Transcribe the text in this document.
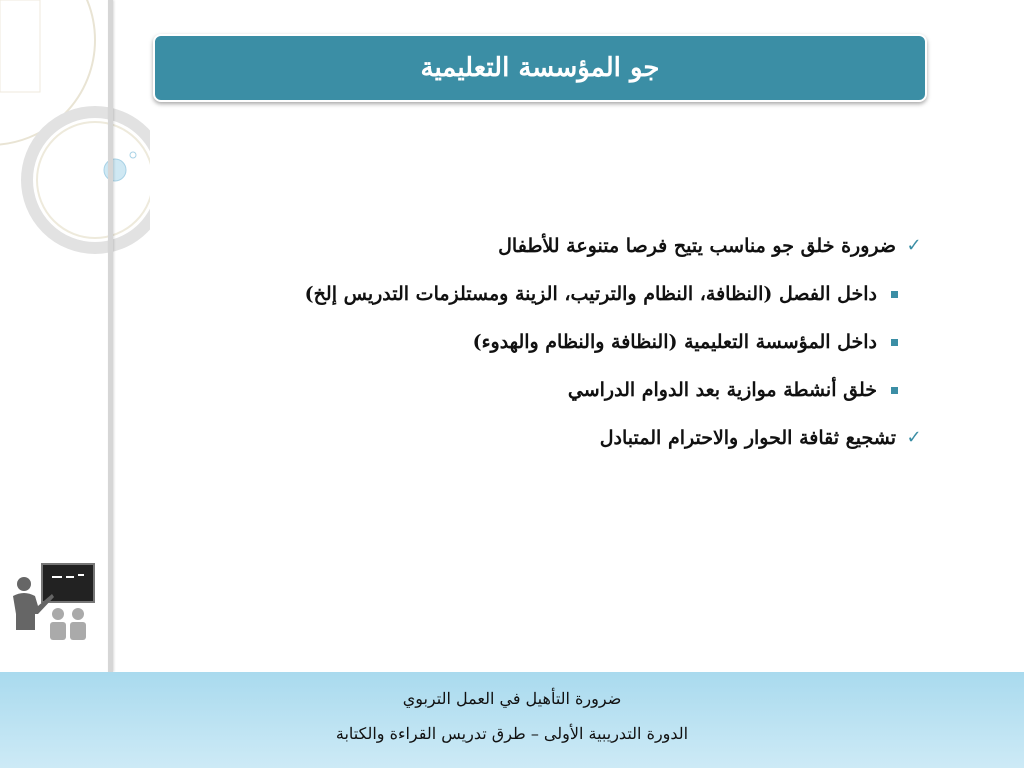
جو المؤسسة التعليمية
✓
ضرورة خلق جو مناسب يتيح فرصا متنوعة للأطفال
داخل الفصل (النظافة، النظام والترتيب، الزينة ومستلزمات التدريس إلخ)
داخل المؤسسة التعليمية (النظافة والنظام والهدوء)
خلق أنشطة موازية بعد الدوام الدراسي
✓
تشجيع ثقافة الحوار والاحترام المتبادل
ضرورة التأهيل في العمل التربوي
الدورة التدريبية الأولى – طرق تدريس القراءة والكتابة
